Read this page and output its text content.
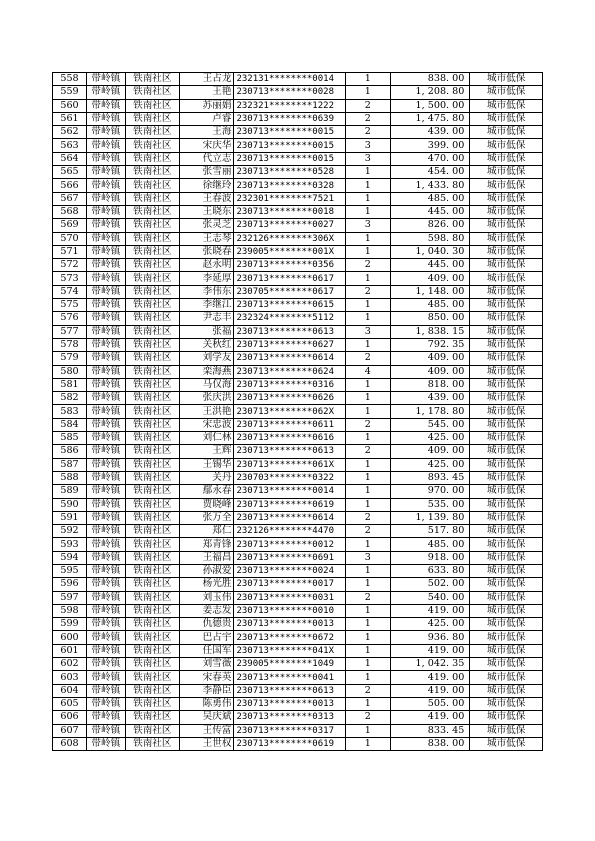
558	带岭镇	铁南社区	王占龙	232131********0014	1	838. 00	城市低保
559	带岭镇	铁南社区	王艳	230713********0028	1	1, 208. 80	城市低保
560	带岭镇	铁南社区	苏丽娟	232321********1222	2	1, 500. 00	城市低保
561	带岭镇	铁南社区	卢睿	230713********0639	2	1, 475. 80	城市低保
562	带岭镇	铁南社区	王海	230713********0015	2	439. 00	城市低保
563	带岭镇	铁南社区	宋庆华	230713********0015	3	399. 00	城市低保
564	带岭镇	铁南社区	代立志	230713********0015	3	470. 00	城市低保
565	带岭镇	铁南社区	张雪丽	230713********0528	1	454. 00	城市低保
566	带岭镇	铁南社区	徐继玲	230713********0328	1	1, 433. 80	城市低保
567	带岭镇	铁南社区	王春波	232301********7521	1	485. 00	城市低保
568	带岭镇	铁南社区	王晓东	230713********0018	1	445. 00	城市低保
569	带岭镇	铁南社区	张灵芝	230713********0027	3	826. 00	城市低保
570	带岭镇	铁南社区	王志琴	232126********306X	1	598. 80	城市低保
571	带岭镇	铁南社区	张晓春	239005********001X	1	1, 040. 30	城市低保
572	带岭镇	铁南社区	赵永明	230713********0356	2	445. 00	城市低保
573	带岭镇	铁南社区	李延厚	230713********0617	1	409. 00	城市低保
574	带岭镇	铁南社区	李伟东	230705********0617	2	1, 148. 00	城市低保
575	带岭镇	铁南社区	李继江	230713********0615	1	485. 00	城市低保
576	带岭镇	铁南社区	尹志丰	232324********5112	1	850. 00	城市低保
577	带岭镇	铁南社区	张福	230713********0613	3	1, 838. 15	城市低保
578	带岭镇	铁南社区	关秋红	230713********0627	1	792. 35	城市低保
579	带岭镇	铁南社区	刘学友	230713********0614	2	409. 00	城市低保
580	带岭镇	铁南社区	栾海燕	230713********0624	4	409. 00	城市低保
581	带岭镇	铁南社区	马仅海	230713********0316	1	818. 00	城市低保
582	带岭镇	铁南社区	张庆洪	230713********0626	1	439. 00	城市低保
583	带岭镇	铁南社区	王洪艳	230713********062X	1	1, 178. 80	城市低保
584	带岭镇	铁南社区	宋忠波	230713********0611	2	545. 00	城市低保
585	带岭镇	铁南社区	刘仁林	230713********0616	1	425. 00	城市低保
586	带岭镇	铁南社区	王辉	230713********0613	2	409. 00	城市低保
587	带岭镇	铁南社区	王锡华	230713********061X	1	425. 00	城市低保
588	带岭镇	铁南社区	关丹	230703********0322	1	893. 45	城市低保
589	带岭镇	铁南社区	鄢永春	230713********0014	1	970. 00	城市低保
590	带岭镇	铁南社区	贾晓峰	230713********0619	1	535. 00	城市低保
591	带岭镇	铁南社区	张万全	230713********0614	2	1, 139. 80	城市低保
592	带岭镇	铁南社区	郑仁	232126********4470	2	517. 80	城市低保
593	带岭镇	铁南社区	郑青锋	230713********0012	1	485. 00	城市低保
594	带岭镇	铁南社区	王福昌	230713********0691	3	918. 00	城市低保
595	带岭镇	铁南社区	孙淑爱	230713********0024	1	633. 80	城市低保
596	带岭镇	铁南社区	杨光胜	230713********0017	1	502. 00	城市低保
597	带岭镇	铁南社区	刘玉伟	230713********0031	2	540. 00	城市低保
598	带岭镇	铁南社区	姜志发	230713********0010	1	419. 00	城市低保
599	带岭镇	铁南社区	仇德贵	230713********0013	1	425. 00	城市低保
600	带岭镇	铁南社区	巴占宇	230713********0672	1	936. 80	城市低保
601	带岭镇	铁南社区	任国军	230713********041X	1	419. 00	城市低保
602	带岭镇	铁南社区	刘雪薇	239005********1049	1	1, 042. 35	城市低保
603	带岭镇	铁南社区	宋春英	230713********0041	1	419. 00	城市低保
604	带岭镇	铁南社区	李静臣	230713********0613	2	419. 00	城市低保
605	带岭镇	铁南社区	陈勇伟	230713********0013	1	505. 00	城市低保
606	带岭镇	铁南社区	吴庆斌	230713********0313	2	419. 00	城市低保
607	带岭镇	铁南社区	王传富	230713********0317	1	833. 45	城市低保
608	带岭镇	铁南社区	王世权	230713********0619	1	838. 00	城市低保
